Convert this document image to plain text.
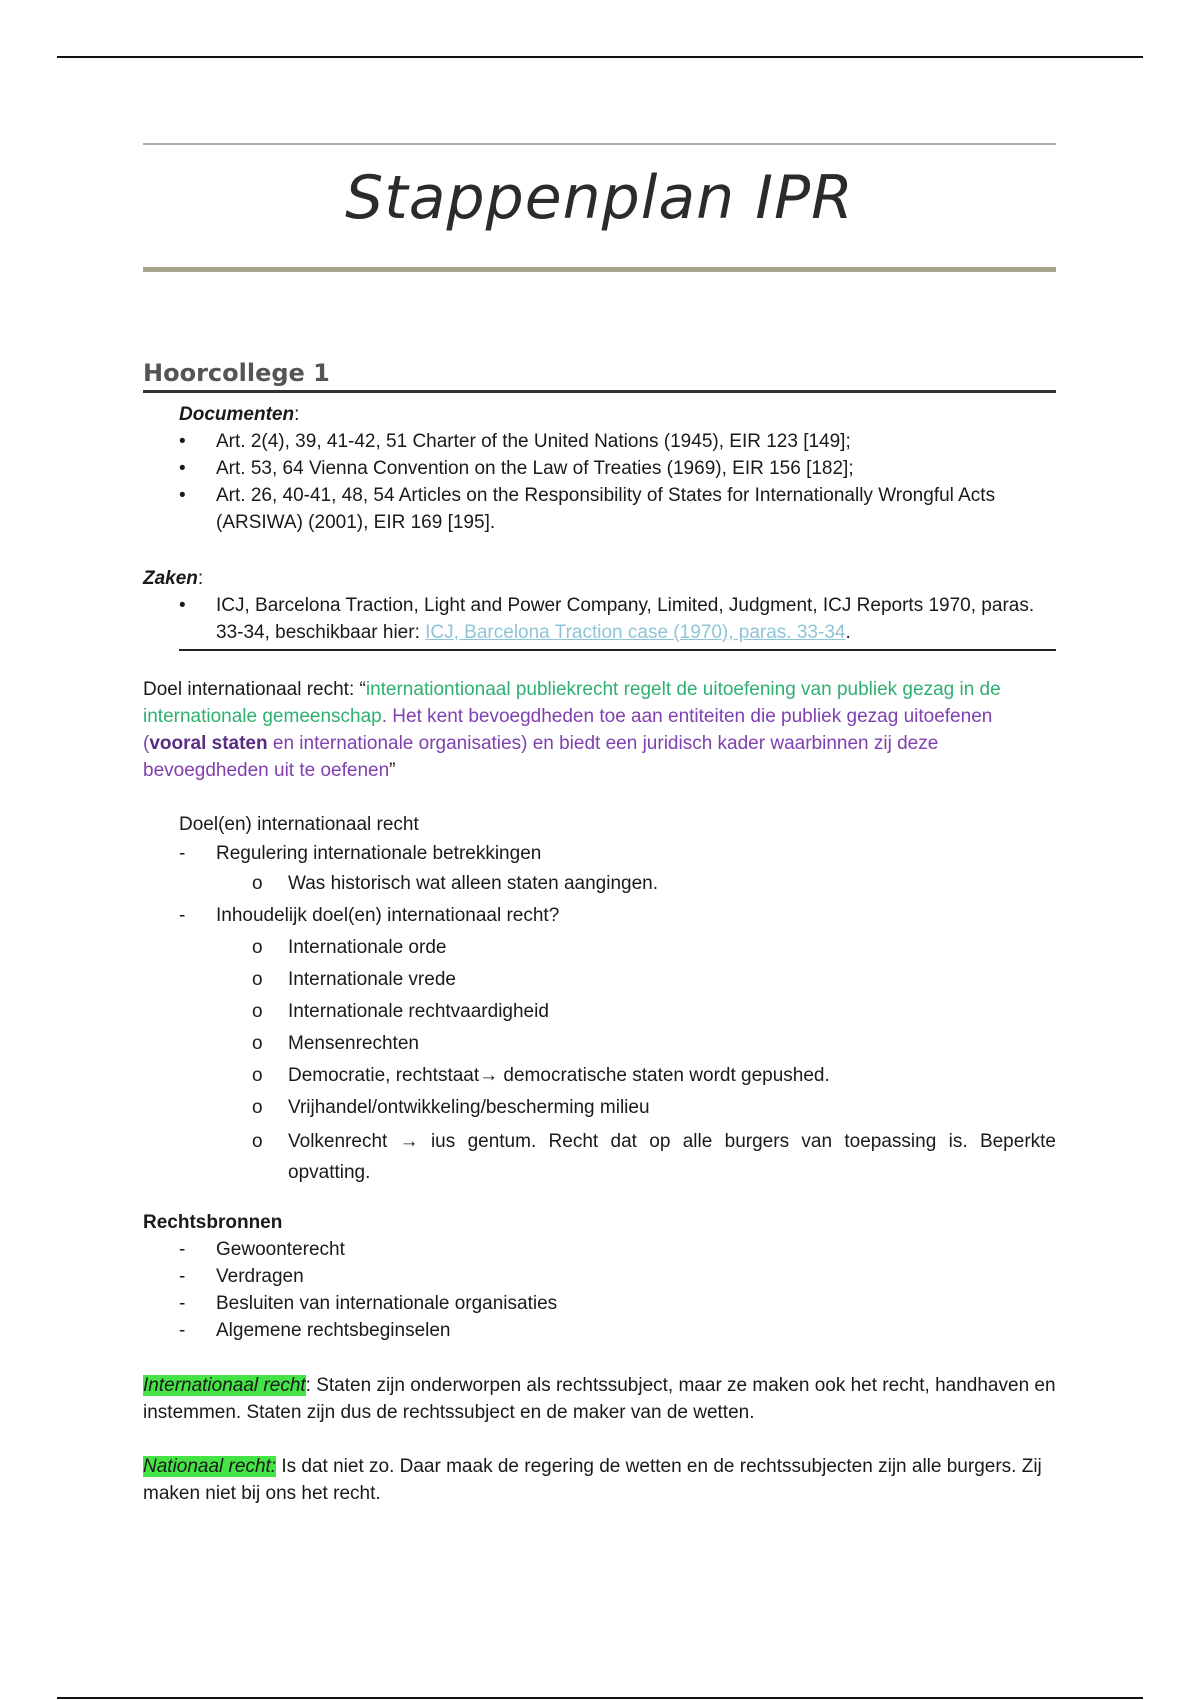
Stappenplan IPR
Hoorcollege 1
Documenten:
• Art. 2(4), 39, 41-42, 51 Charter of the United Nations (1945), EIR 123 [149];
• Art. 53, 64 Vienna Convention on the Law of Treaties (1969), EIR 156 [182];
• Art. 26, 40-41, 48, 54 Articles on the Responsibility of States for Internationally Wrongful Acts (ARSIWA) (2001), EIR 169 [195].
Zaken:
• ICJ, Barcelona Traction, Light and Power Company, Limited, Judgment, ICJ Reports 1970, paras. 33-34, beschikbaar hier: ICJ, Barcelona Traction case (1970), paras. 33-34.
Doel internationaal recht: “internationtionaal publiekrecht regelt de uitoefening van publiek gezag in de internationale gemeenschap. Het kent bevoegdheden toe aan entiteiten die publiek gezag uitoefenen (vooral staten en internationale organisaties) en biedt een juridisch kader waarbinnen zij deze bevoegdheden uit te oefenen”
Doel(en) internationaal recht
- Regulering internationale betrekkingen
o Was historisch wat alleen staten aangingen.
- Inhoudelijk doel(en) internationaal recht?
o Internationale orde
o Internationale vrede
o Internationale rechtvaardigheid
o Mensenrechten
o Democratie, rechtstaat→ democratische staten wordt gepushed.
o Vrijhandel/ontwikkeling/bescherming milieu
o Volkenrecht → ius gentum. Recht dat op alle burgers van toepassing is. Beperkte opvatting.
Rechtsbronnen
- Gewoonterecht
- Verdragen
- Besluiten van internationale organisaties
- Algemene rechtsbeginselen
Internationaal recht: Staten zijn onderworpen als rechtssubject, maar ze maken ook het recht, handhaven en instemmen. Staten zijn dus de rechtssubject en de maker van de wetten.
Nationaal recht: Is dat niet zo. Daar maak de regering de wetten en de rechtssubjecten zijn alle burgers. Zij maken niet bij ons het recht.
